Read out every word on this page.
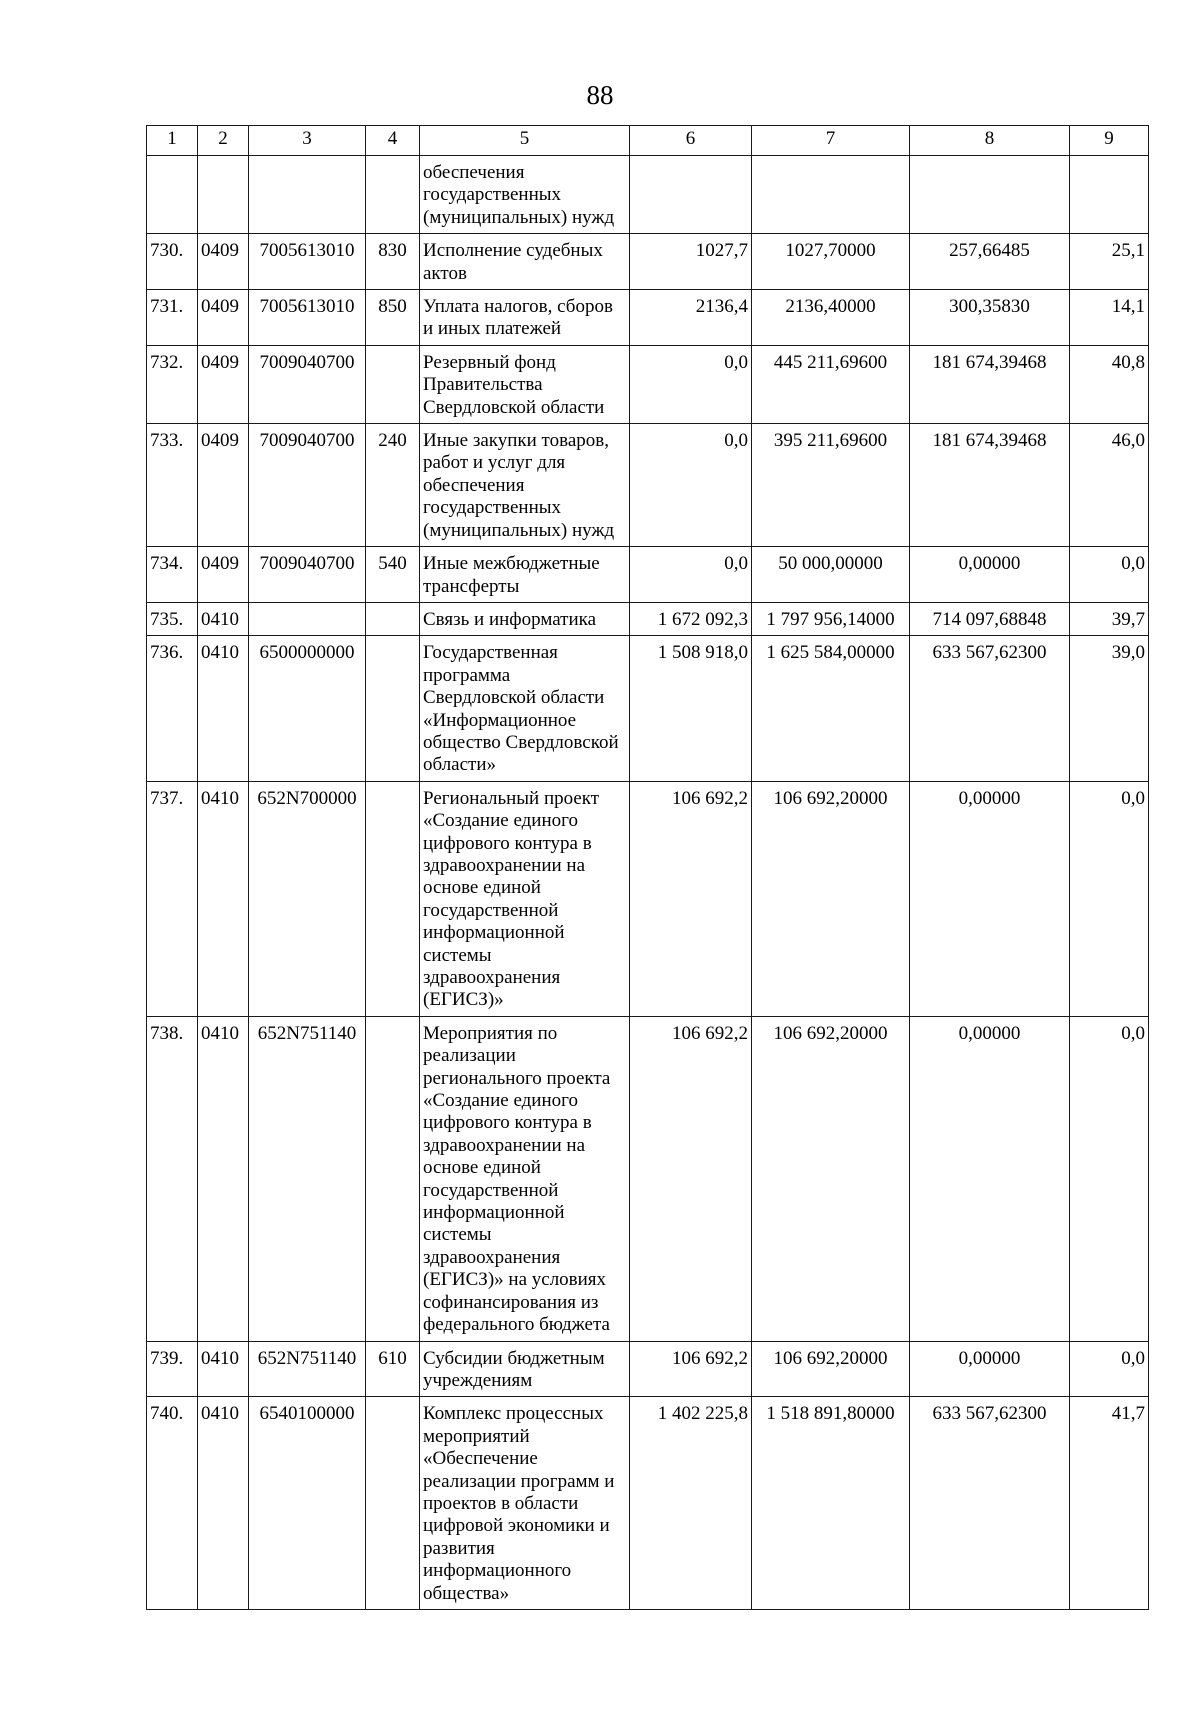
88
1	2	3	4	5	6	7	8	9
				обеспечения государственных (муниципальных) нужд				
730.	0409	7005613010	830	Исполнение судебных актов	1027,7	1027,70000	257,66485	25,1
731.	0409	7005613010	850	Уплата налогов, сборов и иных платежей	2136,4	2136,40000	300,35830	14,1
732.	0409	7009040700		Резервный фонд Правительства Свердловской области	0,0	445 211,69600	181 674,39468	40,8
733.	0409	7009040700	240	Иные закупки товаров, работ и услуг для обеспечения государственных (муниципальных) нужд	0,0	395 211,69600	181 674,39468	46,0
734.	0409	7009040700	540	Иные межбюджетные трансферты	0,0	50 000,00000	0,00000	0,0
735.	0410			Связь и информатика	1 672 092,3	1 797 956,14000	714 097,68848	39,7
736.	0410	6500000000		Государственная программа Свердловской области «Информационное общество Свердловской области»	1 508 918,0	1 625 584,00000	633 567,62300	39,0
737.	0410	652N700000		Региональный проект «Создание единого цифрового контура в здравоохранении на основе единой государственной информационной системы здравоохранения (ЕГИСЗ)»	106 692,2	106 692,20000	0,00000	0,0
738.	0410	652N751140		Мероприятия по реализации регионального проекта «Создание единого цифрового контура в здравоохранении на основе единой государственной информационной системы здравоохранения (ЕГИСЗ)» на условиях софинансирования из федерального бюджета	106 692,2	106 692,20000	0,00000	0,0
739.	0410	652N751140	610	Субсидии бюджетным учреждениям	106 692,2	106 692,20000	0,00000	0,0
740.	0410	6540100000		Комплекс процессных мероприятий «Обеспечение реализации программ и проектов в области цифровой экономики и развития информационного общества»	1 402 225,8	1 518 891,80000	633 567,62300	41,7
